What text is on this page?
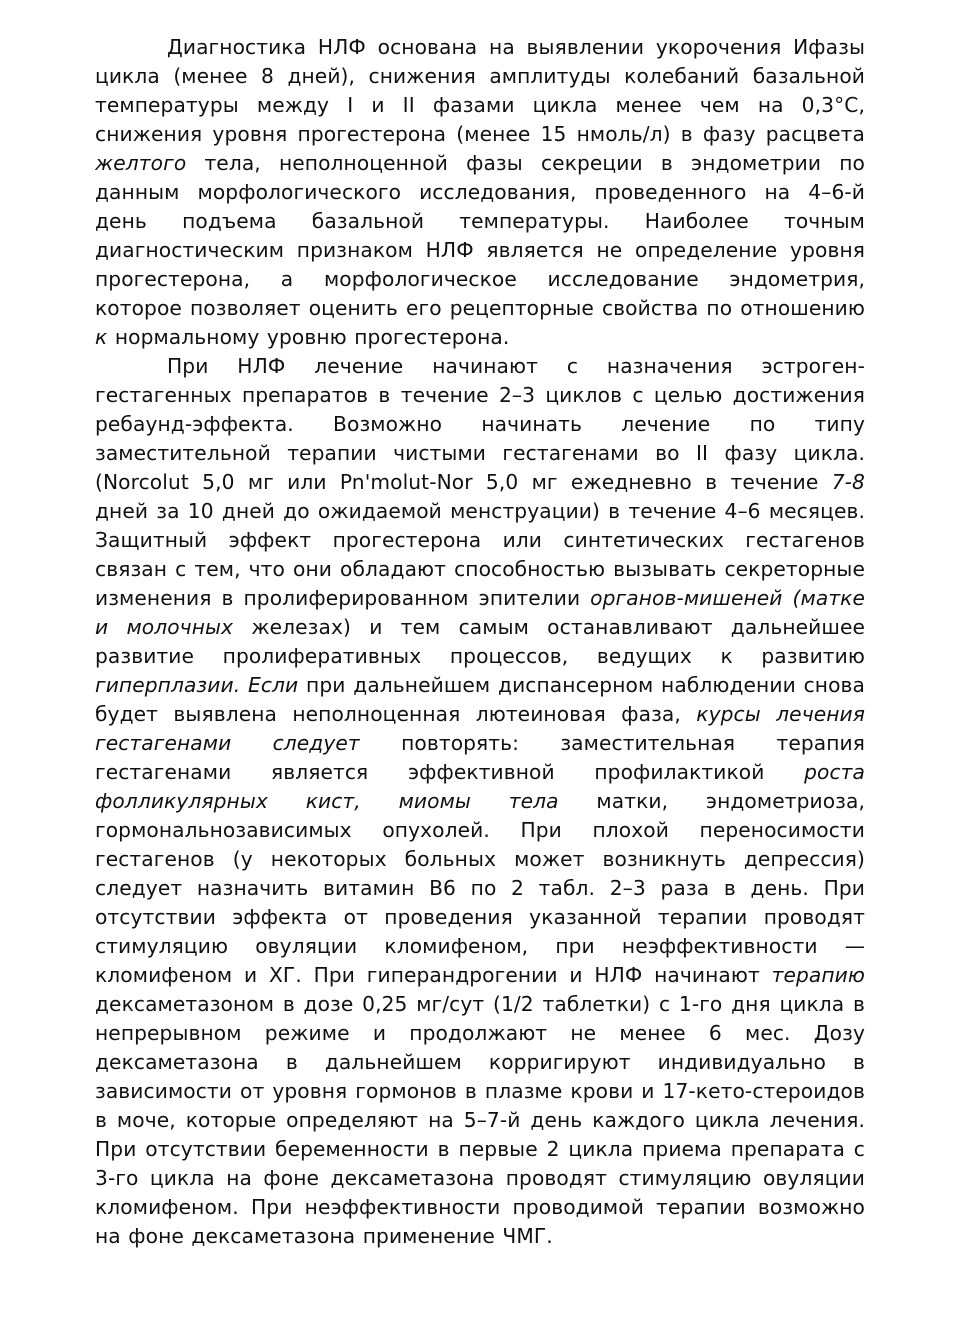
Диагностика НЛФ основана на выявлении укорочения Ифазы цикла (менее 8 дней), снижения амплитуды колебаний базальной температуры между I и II фазами цикла менее чем на 0,3°С, снижения уровня прогестерона (менее 15 нмоль/л) в фазу расцвета желтого тела, неполноценной фазы секреции в эндометрии по данным морфологического исследования, проведенного на 4–6-й день подъема базальной температуры. Наиболее точным диагностическим признаком НЛФ является не определение уровня прогестерона, а морфологическое исследование эндометрия, которое позволяет оценить его рецепторные свойства по отношению к нормальному уровню прогестерона.

При НЛФ лечение начинают с назначения эстроген-гестагенных препаратов в течение 2–3 циклов с целью достижения ребаунд-эффекта. Возможно начинать лечение по типу заместительной терапии чистыми гестагенами во II фазу цикла. (Norcolut 5,0 мг или Pn'molut-Nor 5,0 мг ежедневно в течение 7-8 дней за 10 дней до ожидаемой менструации) в течение 4–6 месяцев. Защитный эффект прогестерона или синтетических гестагенов связан с тем, что они обладают способностью вызывать секреторные изменения в пролиферированном эпителии органов-мишеней (матке и молочных железах) и тем самым останавливают дальнейшее развитие пролиферативных процессов, ведущих к развитию гиперплазии. Если при дальнейшем диспансерном наблюдении снова будет выявлена неполноценная лютеиновая фаза, курсы лечения гестагенами следует повторять: заместительная терапия гестагенами является эффективной профилактикой роста фолликулярных кист, миомы тела матки, эндометриоза, гормональнозависимых опухолей. При плохой переносимости гестагенов (у некоторых больных может возникнуть депрессия) следует назначить витамин В6 по 2 табл. 2–3 раза в день. При отсутствии эффекта от проведения указанной терапии проводят стимуляцию овуляции кломифеном, при неэффективности — кломифеном и ХГ. При гиперандрогении и НЛФ начинают терапию дексаметазоном в дозе 0,25 мг/сут (1/2 таблетки) с 1-го дня цикла в непрерывном режиме и продолжают не менее 6 мес. Дозу дексаметазона в дальнейшем корригируют индивидуально в зависимости от уровня гормонов в плазме крови и 17-кето-стероидов в моче, которые определяют на 5–7-й день каждого цикла лечения. При отсутствии беременности в первые 2 цикла приема препарата с 3-го цикла на фоне дексаметазона проводят стимуляцию овуляции кломифеном. При неэффективности проводимой терапии возможно на фоне дексаметазона применение ЧМГ.
